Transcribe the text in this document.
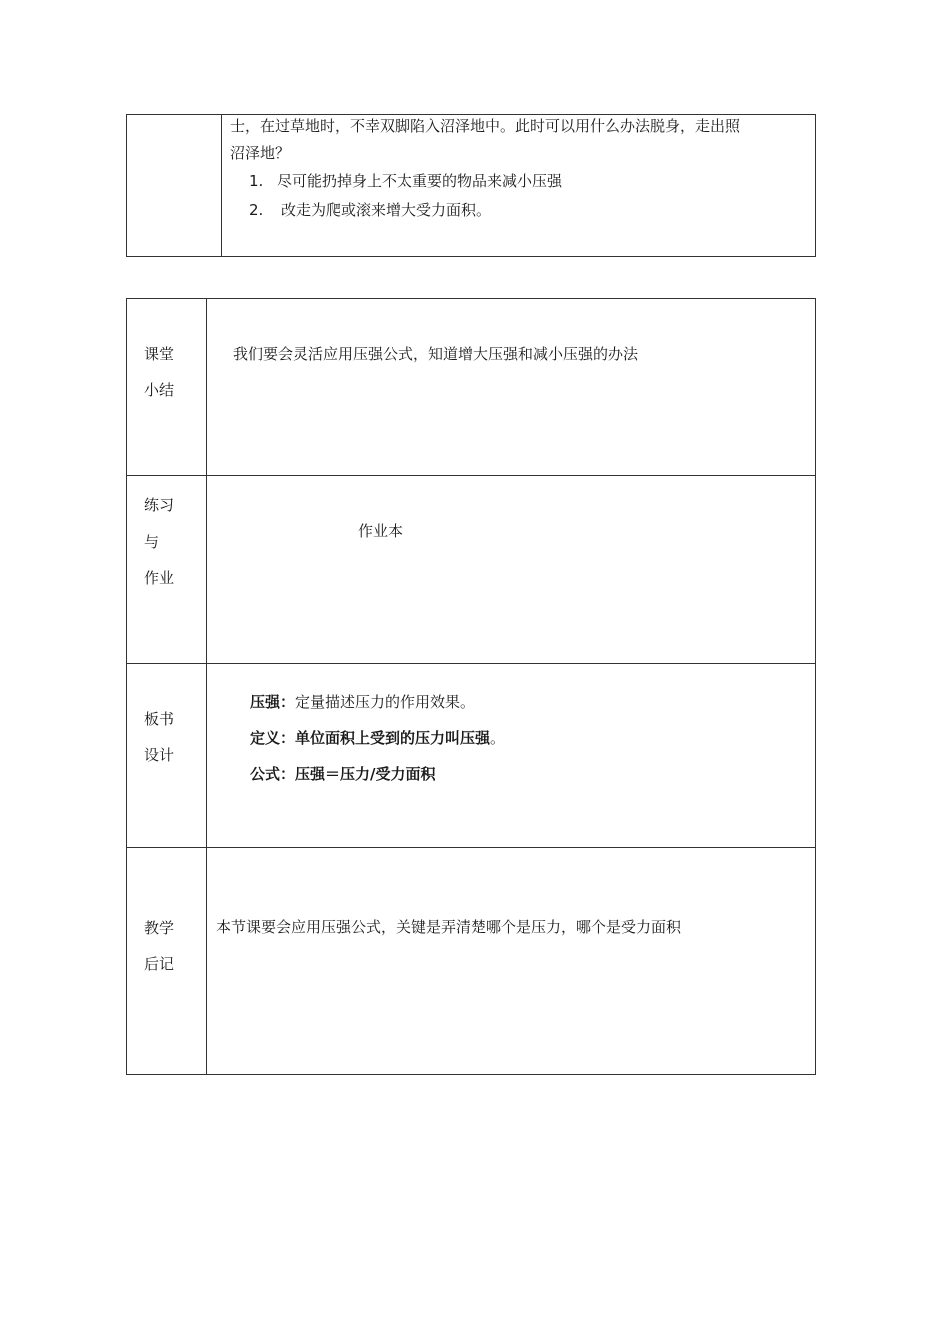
士，在过草地时，不幸双脚陷入沼泽地中。此时可以用什么办法脱身，走出照
沼泽地？
1. 尽可能扔掉身上不太重要的物品来减小压强
2. 改走为爬或滚来增大受力面积。
课堂
小结
我们要会灵活应用压强公式，知道增大压强和减小压强的办法
练习
与
作业
作业本
板书
设计
压强：定量描述压力的作用效果。
定义：单位面积上受到的压力叫压强。
公式：压强＝压力/受力面积
教学
后记
本节课要会应用压强公式，关键是弄清楚哪个是压力，哪个是受力面积
